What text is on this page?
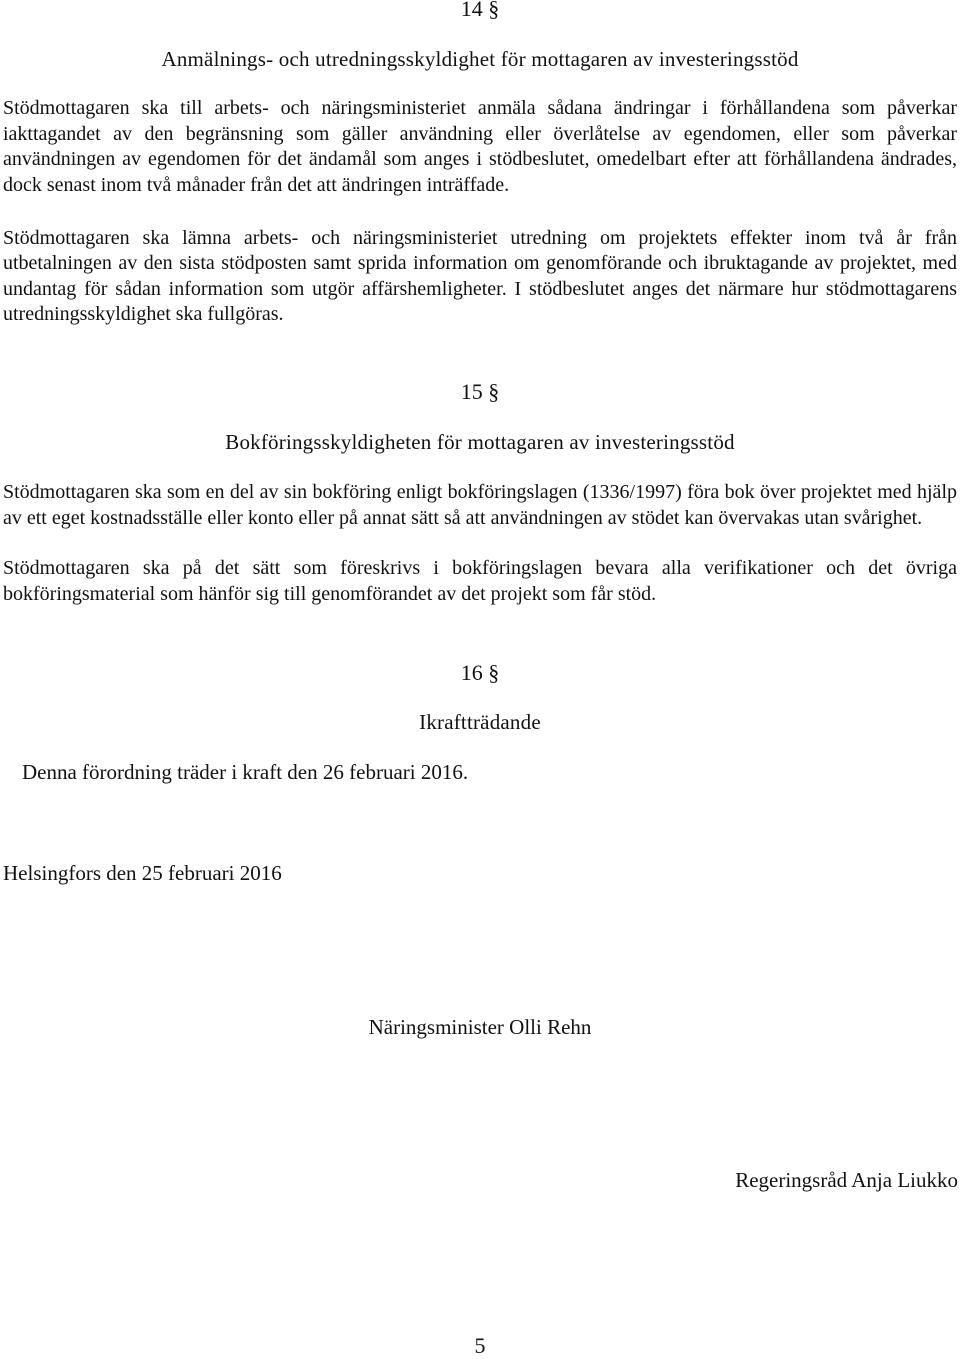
14 §
Anmälnings- och utredningsskyldighet för mottagaren av investeringsstöd

Stödmottagaren ska till arbets- och näringsministeriet anmäla sådana ändringar i förhållandena som påverkar iakttagandet av den begränsning som gäller användning eller överlåtelse av egendomen, eller som påverkar användningen av egendomen för det ändamål som anges i stödbeslutet, omedelbart efter att förhållandena ändrades, dock senast inom två månader från det att ändringen inträffade.

Stödmottagaren ska lämna arbets- och näringsministeriet utredning om projektets effekter inom två år från utbetalningen av den sista stödposten samt sprida information om genomförande och ibruktagande av projektet, med undantag för sådan information som utgör affärshemligheter. I stödbeslutet anges det närmare hur stödmottagarens utredningsskyldighet ska fullgöras.

15 §
Bokföringsskyldigheten för mottagaren av investeringsstöd

Stödmottagaren ska som en del av sin bokföring enligt bokföringslagen (1336/1997) föra bok över projektet med hjälp av ett eget kostnadsställe eller konto eller på annat sätt så att användningen av stödet kan övervakas utan svårighet.

Stödmottagaren ska på det sätt som föreskrivs i bokföringslagen bevara alla verifikationer och det övriga bokföringsmaterial som hänför sig till genomförandet av det projekt som får stöd.

16 §
Ikraftträdande
Denna förordning träder i kraft den 26 februari 2016.
Helsingfors den 25 februari 2016
Näringsminister Olli Rehn
Regeringsråd Anja Liukko
5
